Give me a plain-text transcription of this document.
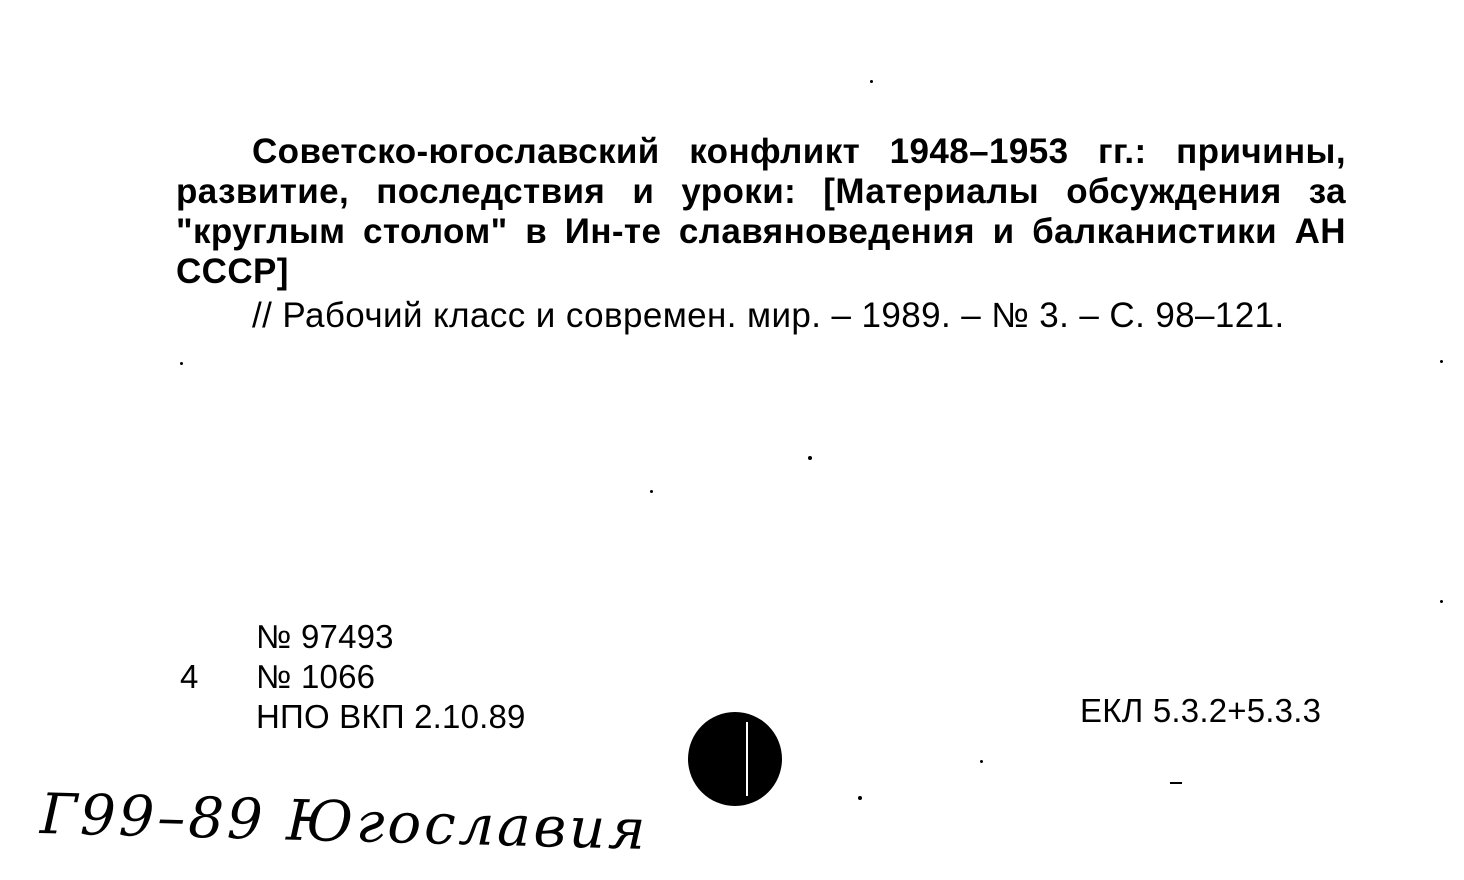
Советско-югославский конфликт 1948–1953 гг.: причины,
развитие, последствия и уроки: [Материалы обсуждения за
"круглым столом" в Ин-те славяноведения и балканистики АН
СССР]
// Рабочий класс и современ. мир. – 1989. – № 3. – С. 98–121.
№ 97493
4 № 1066
НПО ВКП 2.10.89	ЕКЛ 5.3.2+5.3.3
Г99–89 Югославия
